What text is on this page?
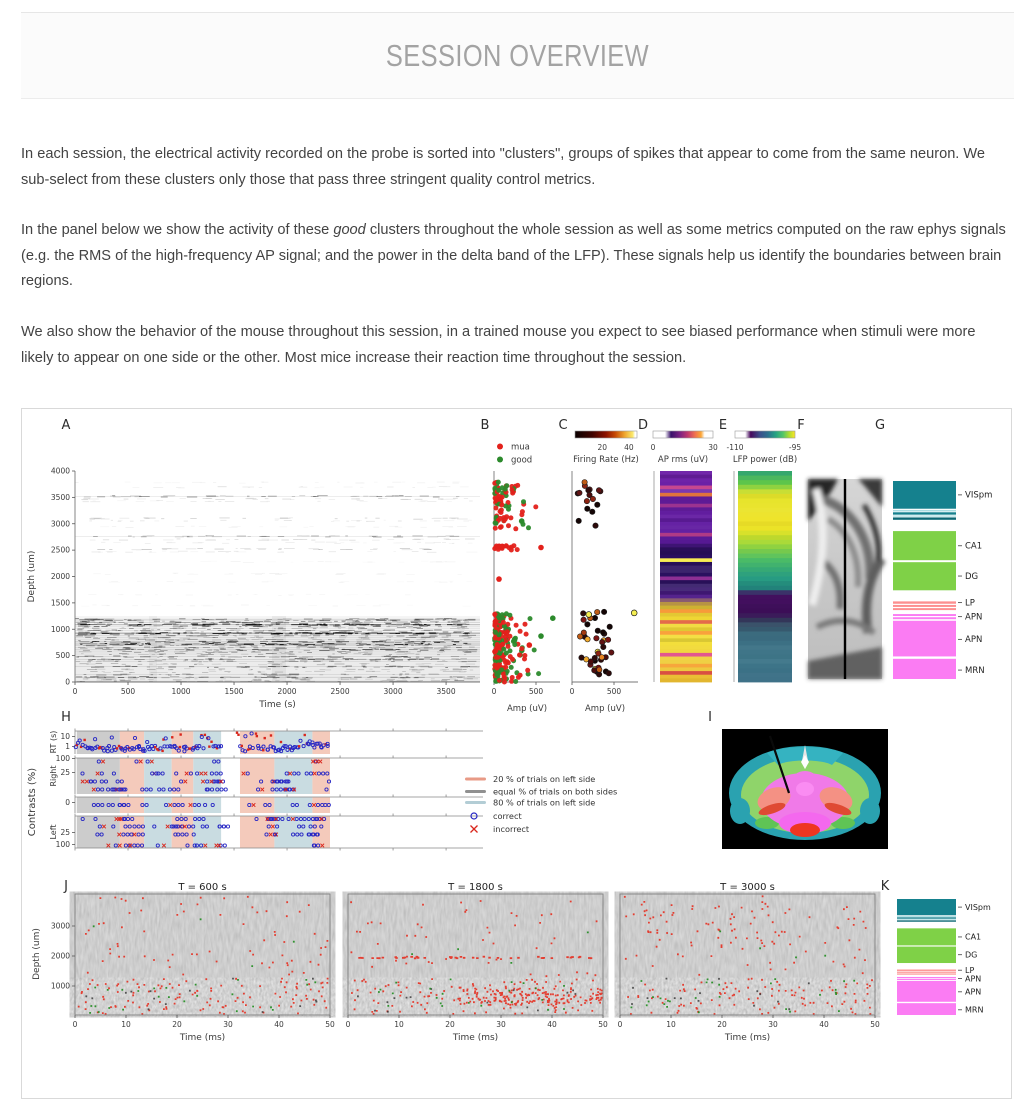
SESSION OVERVIEW

In each session, the electrical activity recorded on the probe is sorted into "clusters", groups of spikes that appear to come from the same neuron. We sub-select from these clusters only those that pass three stringent quality control metrics.

In the panel below we show the activity of these good clusters throughout the whole session as well as some metrics computed on the raw ephys signals (e.g. the RMS of the high-frequency AP signal; and the power in the delta band of the LFP). These signals help us identify the boundaries between brain regions.

We also show the behavior of the mouse throughout this session, in a trained mouse you expect to see biased performance when stimuli were more likely to appear on one side or the other. Most mice increase their reaction time throughout the session.

A	B	C	D	E	F	G
H	I
J	K
0
500
1000
1500
2000
2500
3000
3500
4000
0	500	1000	1500	2000	2500	3000	3500
Time (s)
Depth (um)
0	500
Amp (uV)
mua
good
20 40
Firing Rate (Hz)
0	500
Amp (uV)
0	30
AP rms (uV)
-110	-95
LFP power (dB)
VISpm
CA1
DG
LP
APN
APN
MRN
VISpm
CA1
DG
LP
APN
APN
MRN
10
1
RT (s)
100
25
Right
0
25
100
Left
Contrasts (%)	20 % of trials on left side
equal % of trials on both sides
80 % of trials on left side
correct
incorrect
0	10	20	30	40	50
Time (ms)
T = 600 s
0	10	20	30	40	50
Time (ms)
T = 1800 s
0	10	20	30	40	50
Time (ms)
T = 3000 s
1000
2000
3000
Depth (um)
